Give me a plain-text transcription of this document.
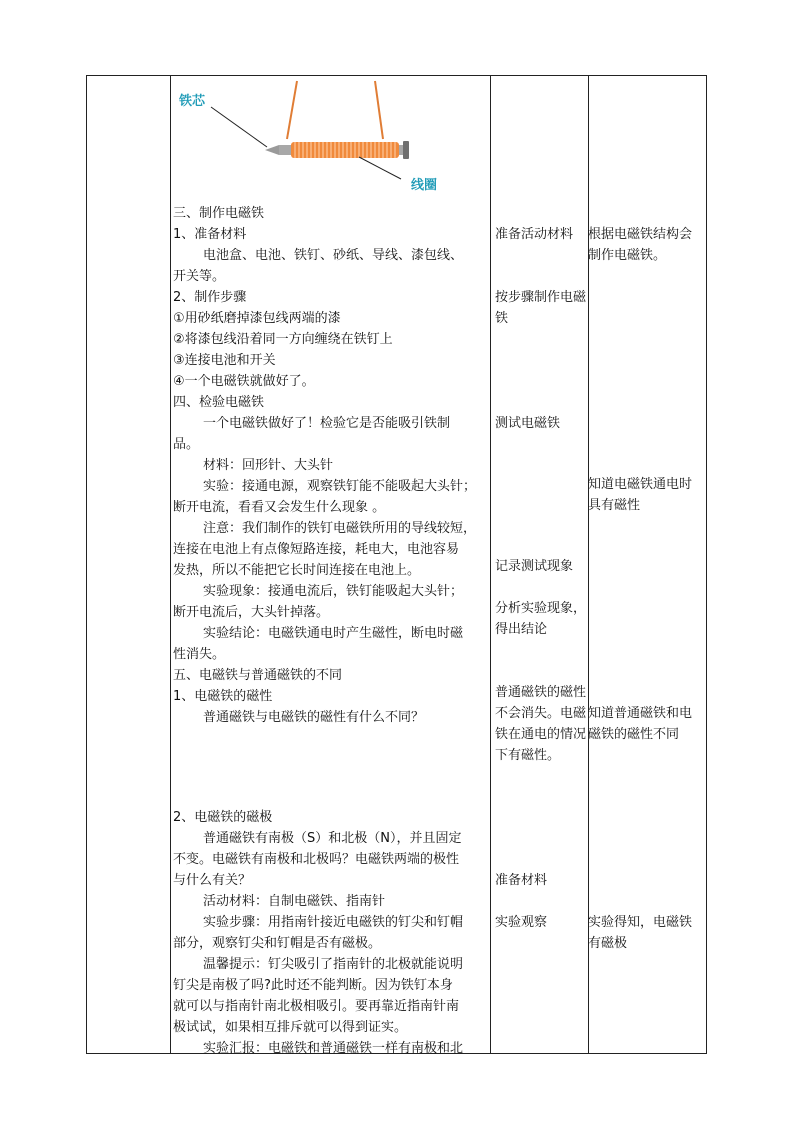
铁芯
线圈
三、制作电磁铁
1、准备材料
电池盒、电池、铁钉、砂纸、导线、漆包线、
开关等。
2、制作步骤
①用砂纸磨掉漆包线两端的漆
②将漆包线沿着同一方向缠绕在铁钉上
③连接电池和开关
④一个电磁铁就做好了。
四、检验电磁铁
一个电磁铁做好了！检验它是否能吸引铁制
品。
材料：回形针、大头针
实验：接通电源，观察铁钉能不能吸起大头针；
断开电流，看看又会发生什么现象 。
注意：我们制作的铁钉电磁铁所用的导线较短，
连接在电池上有点像短路连接，耗电大，电池容易
发热，所以不能把它长时间连接在电池上。
实验现象：接通电流后，铁钉能吸起大头针；
断开电流后，大头针掉落。
实验结论：电磁铁通电时产生磁性，断电时磁
性消失。
五、电磁铁与普通磁铁的不同
1、电磁铁的磁性
普通磁铁与电磁铁的磁性有什么不同？
2、电磁铁的磁极
普通磁铁有南极（S）和北极（N），并且固定
不变。电磁铁有南极和北极吗？电磁铁两端的极性
与什么有关？
活动材料：自制电磁铁、指南针
实验步骤：用指南针接近电磁铁的钉尖和钉帽
部分，观察钉尖和钉帽是否有磁极。
温馨提示：钉尖吸引了指南针的北极就能说明
钉尖是南极了吗?此时还不能判断。因为铁钉本身
就可以与指南针南北极相吸引。要再靠近指南针南
极试试，如果相互排斥就可以得到证实。
实验汇报：电磁铁和普通磁铁一样有南极和北
准备活动材料
按步骤制作电磁铁
测试电磁铁
记录测试现象
分析实验现象，得出结论
普通磁铁的磁性不会消失。电磁铁在通电的情况下有磁性。
准备材料
实验观察
根据电磁铁结构会制作电磁铁。
知道电磁铁通电时具有磁性
知道普通磁铁和电磁铁的磁性不同
实验得知，电磁铁有磁极
